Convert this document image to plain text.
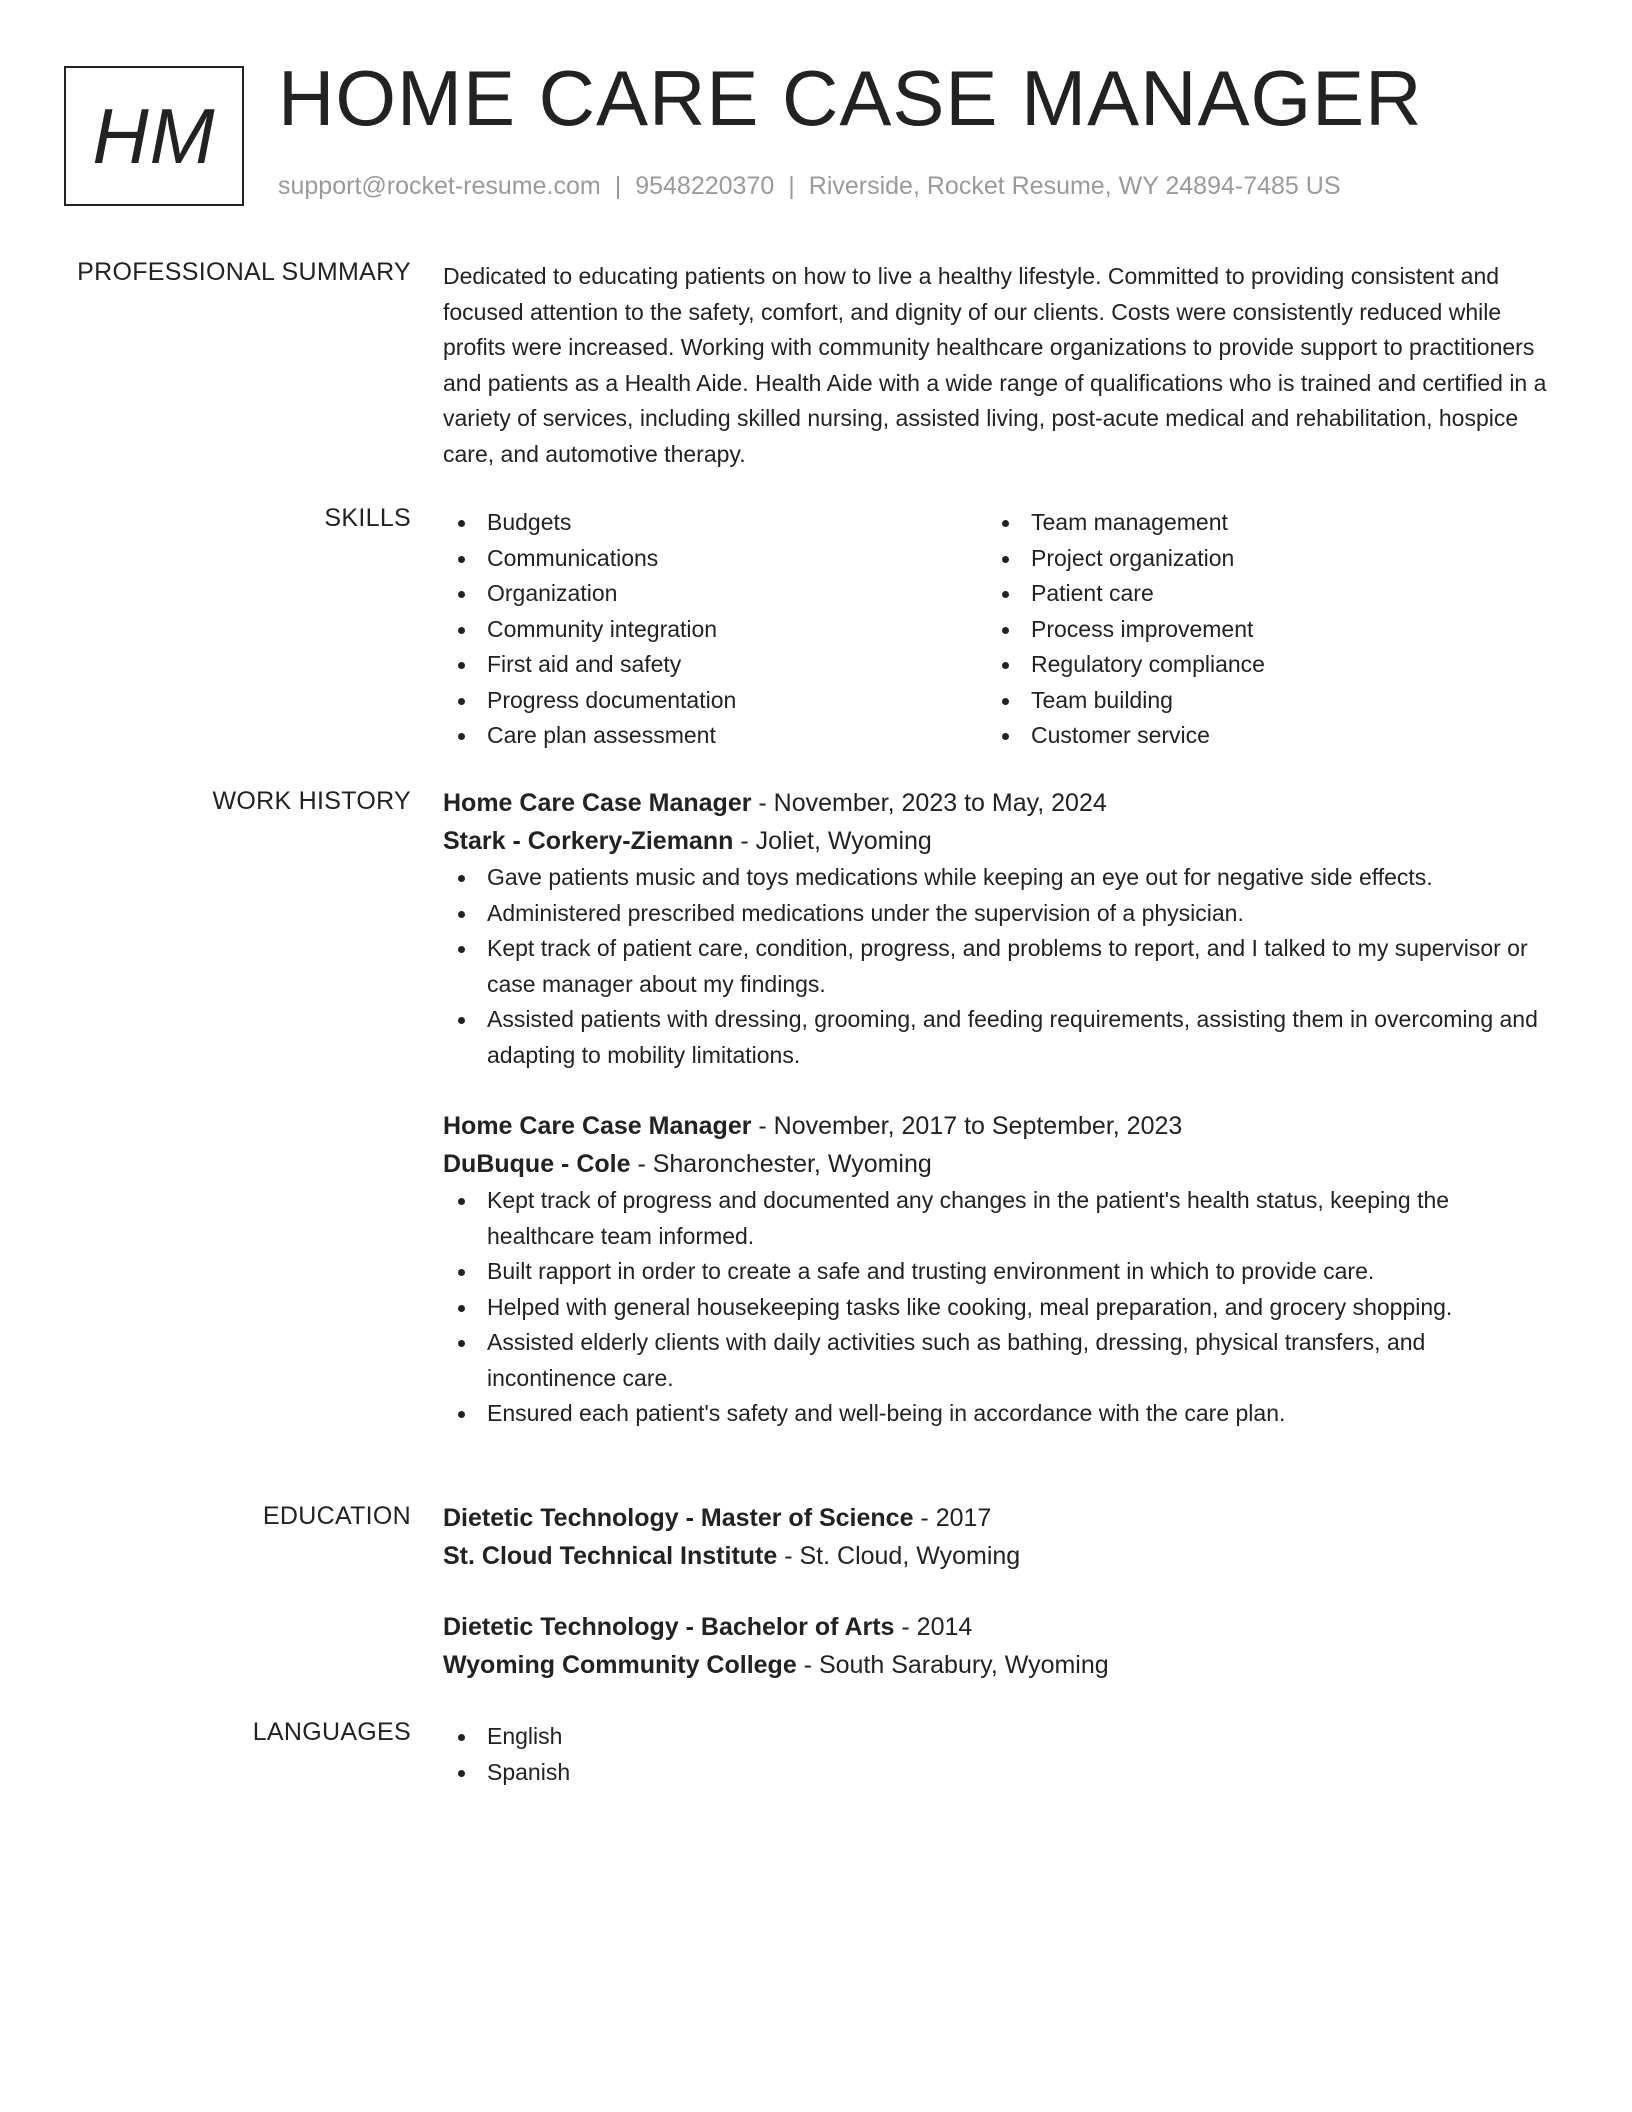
HM HOME CARE CASE MANAGER
support@rocket-resume.com | 9548220370 | Riverside, Rocket Resume, WY 24894-7485 US
PROFESSIONAL SUMMARY Dedicated to educating patients on how to live a healthy lifestyle. Committed to providing consistent and focused attention to the safety, comfort, and dignity of our clients. Costs were consistently reduced while profits were increased. Working with community healthcare organizations to provide support to practitioners and patients as a Health Aide. Health Aide with a wide range of qualifications who is trained and certified in a variety of services, including skilled nursing, assisted living, post-acute medical and rehabilitation, hospice care, and automotive therapy.

SKILLS	Budgets
Communications
Organization
Community integration
First aid and safety
Progress documentation
Care plan assessment
Team management
Project organization
Patient care
Process improvement
Regulatory compliance
Team building
Customer service
WORK HISTORY Home Care Case Manager - November, 2023 to May, 2024
Stark - Corkery-Ziemann - Joliet, Wyoming
Gave patients music and toys medications while keeping an eye out for negative side effects.
Administered prescribed medications under the supervision of a physician.
Kept track of patient care, condition, progress, and problems to report, and I talked to my supervisor or case manager about my findings.
Assisted patients with dressing, grooming, and feeding requirements, assisting them in overcoming and adapting to mobility limitations.
Home Care Case Manager - November, 2017 to September, 2023
DuBuque - Cole - Sharonchester, Wyoming
Kept track of progress and documented any changes in the patient's health status, keeping the healthcare team informed.
Built rapport in order to create a safe and trusting environment in which to provide care.
Helped with general housekeeping tasks like cooking, meal preparation, and grocery shopping.
Assisted elderly clients with daily activities such as bathing, dressing, physical transfers, and incontinence care.
Ensured each patient's safety and well-being in accordance with the care plan.
EDUCATION Dietetic Technology - Master of Science - 2017
St. Cloud Technical Institute - St. Cloud, Wyoming
Dietetic Technology - Bachelor of Arts - 2014
Wyoming Community College - South Sarabury, Wyoming
LANGUAGES	English
Spanish
